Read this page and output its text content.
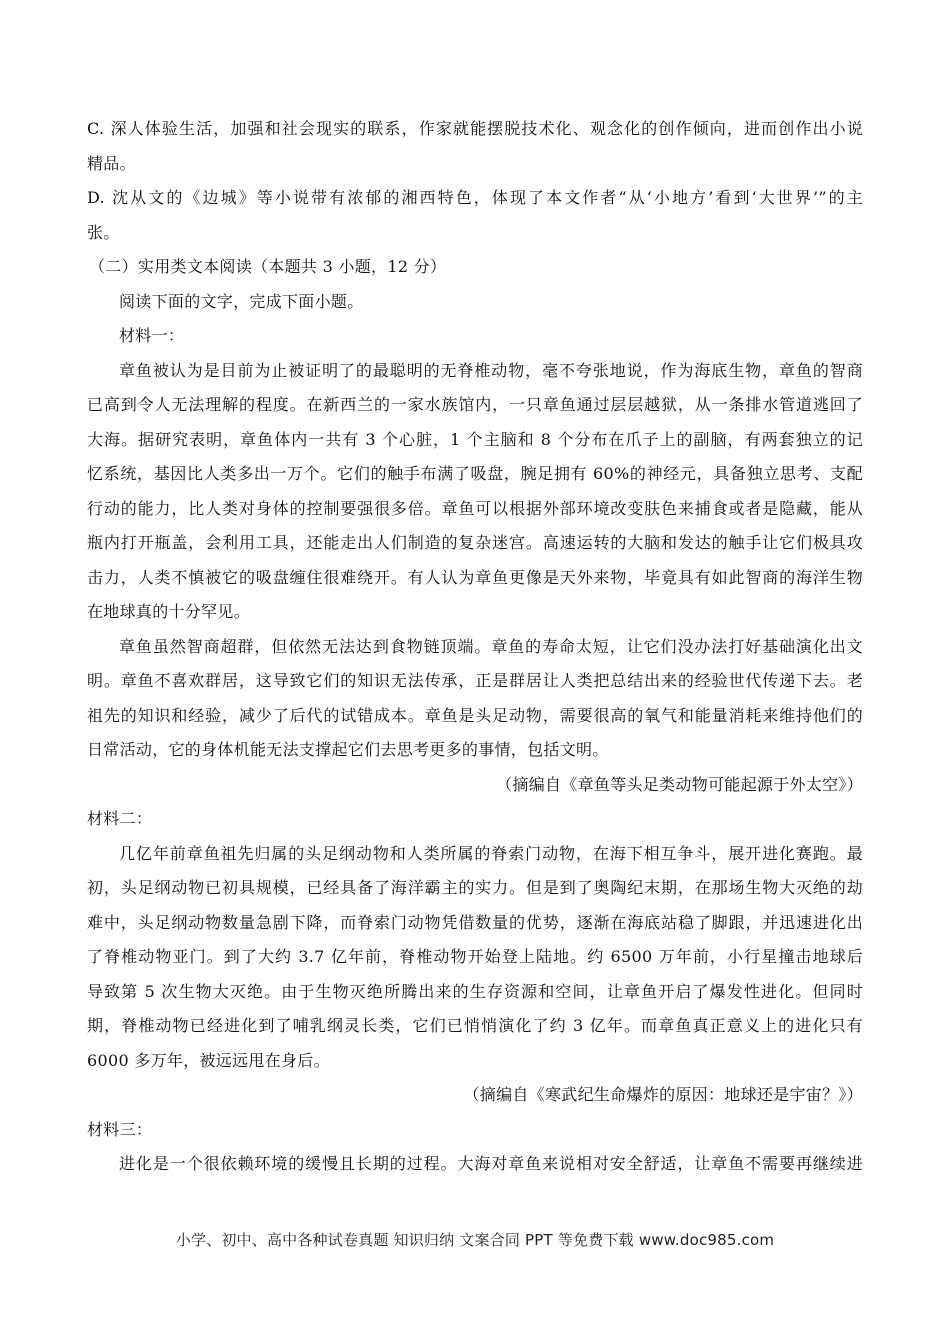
C. 深人体验生活，加强和社会现实的联系，作家就能摆脱技术化、观念化的创作倾向，进而创作出小说
精品。
D. 沈从文的《边城》等小说带有浓郁的湘西特色，体现了本文作者“从‘小地方’看到‘大世界’”的主
张。
（二）实用类文本阅读（本题共 3 小题，12 分）
阅读下面的文字，完成下面小题。
材料一：
章鱼被认为是目前为止被证明了的最聪明的无脊椎动物，毫不夸张地说，作为海底生物，章鱼的智商
已高到令人无法理解的程度。在新西兰的一家水族馆内，一只章鱼通过层层越狱，从一条排水管道逃回了
大海。据研究表明，章鱼体内一共有 3 个心脏，1 个主脑和 8 个分布在爪子上的副脑，有两套独立的记
忆系统，基因比人类多出一万个。它们的触手布满了吸盘，腕足拥有 60%的神经元，具备独立思考、支配
行动的能力，比人类对身体的控制要强很多倍。章鱼可以根据外部环境改变肤色来捕食或者是隐藏，能从
瓶内打开瓶盖，会利用工具，还能走出人们制造的复杂迷宫。高速运转的大脑和发达的触手让它们极具攻
击力，人类不慎被它的吸盘缠住很难绕开。有人认为章鱼更像是天外来物，毕竟具有如此智商的海洋生物
在地球真的十分罕见。
章鱼虽然智商超群，但依然无法达到食物链顶端。章鱼的寿命太短，让它们没办法打好基础演化出文
明。章鱼不喜欢群居，这导致它们的知识无法传承，正是群居让人类把总结出来的经验世代传递下去。老
祖先的知识和经验，减少了后代的试错成本。章鱼是头足动物，需要很高的氧气和能量消耗来维持他们的
日常活动，它的身体机能无法支撑起它们去思考更多的事情，包括文明。
（摘编自《章鱼等头足类动物可能起源于外太空》）
材料二：
几亿年前章鱼祖先归属的头足纲动物和人类所属的脊索门动物，在海下相互争斗，展开进化赛跑。最
初，头足纲动物已初具规模，已经具备了海洋霸主的实力。但是到了奥陶纪末期，在那场生物大灭绝的劫
难中，头足纲动物数量急剧下降，而脊索门动物凭借数量的优势，逐渐在海底站稳了脚跟，并迅速进化出
了脊椎动物亚门。到了大约 3.7 亿年前，脊椎动物开始登上陆地。约 6500 万年前，小行星撞击地球后
导致第 5 次生物大灭绝。由于生物灭绝所腾出来的生存资源和空间，让章鱼开启了爆发性进化。但同时
期，脊椎动物已经进化到了哺乳纲灵长类，它们已悄悄演化了约 3 亿年。而章鱼真正意义上的进化只有
6000 多万年，被远远甩在身后。
（摘编自《寒武纪生命爆炸的原因：地球还是宇宙？》）
材料三：
进化是一个很依赖环境的缓慢且长期的过程。大海对章鱼来说相对安全舒适，让章鱼不需要再继续进
小学、初中、高中各种试卷真题 知识归纳 文案合同 PPT 等免费下载 www.doc985.com
